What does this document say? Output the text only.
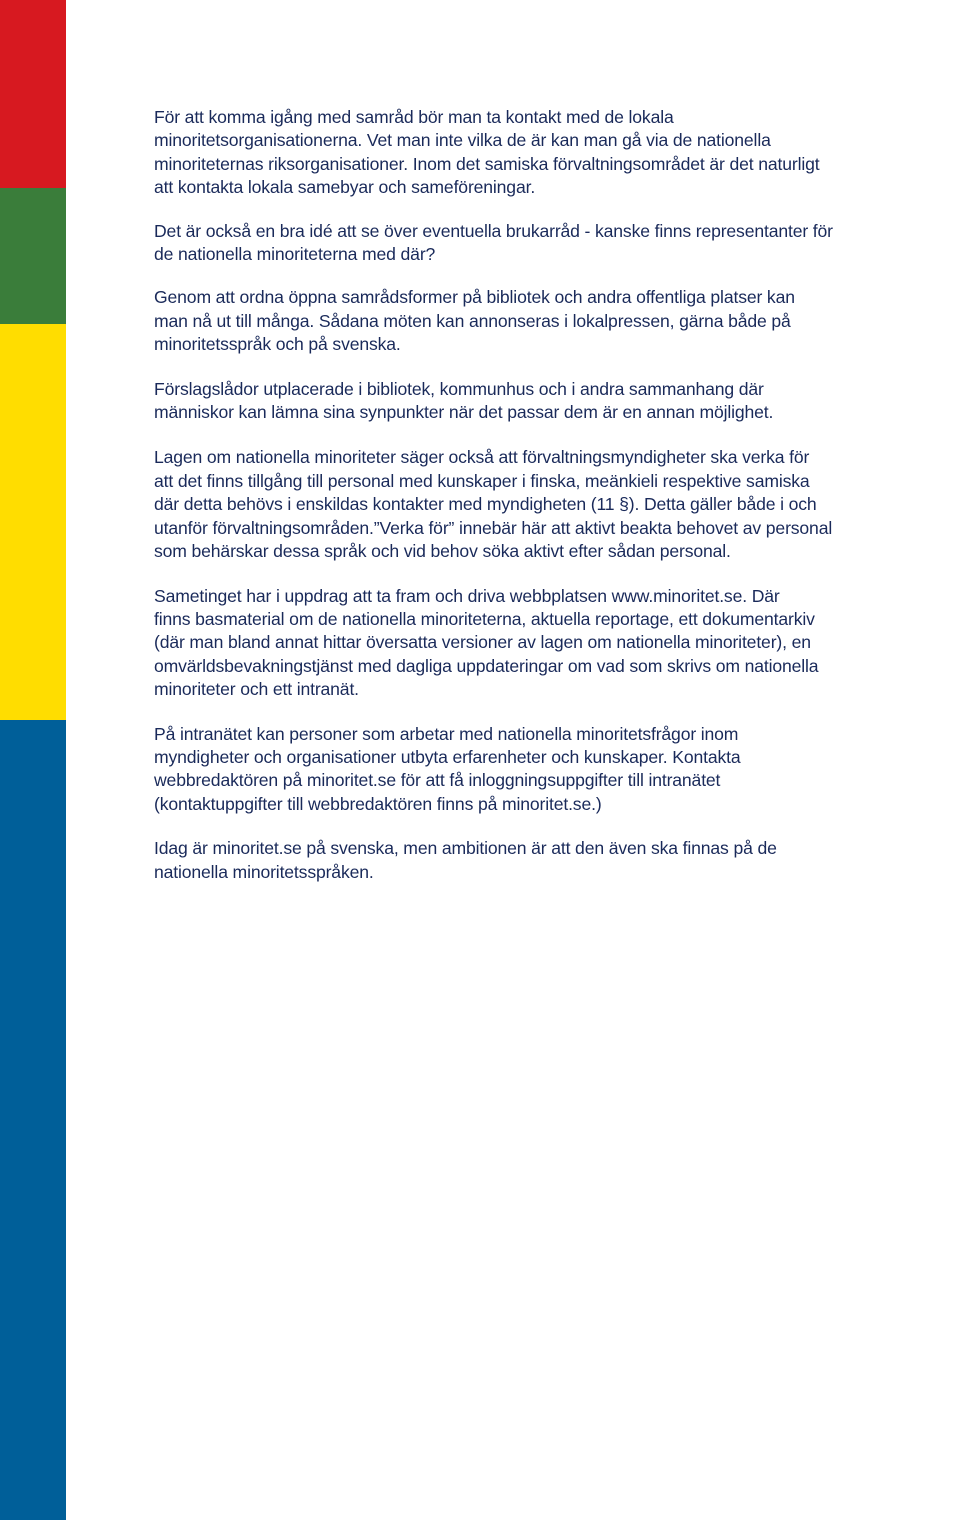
För att komma igång med samråd bör man ta kontakt med de lokala
minoritetsorganisationerna. Vet man inte vilka de är kan man gå via de nationella
minoriteternas riksorganisationer. Inom det samiska förvaltningsområdet är det naturligt
att kontakta lokala samebyar och sameföreningar.

Det är också en bra idé att se över eventuella brukarråd - kanske finns representanter för
de nationella minoriteterna med där?

Genom att ordna öppna samrådsformer på bibliotek och andra offentliga platser kan
man nå ut till många. Sådana möten kan annonseras i lokalpressen, gärna både på
minoritetsspråk och på svenska.

Förslagslådor utplacerade i bibliotek, kommunhus och i andra sammanhang där
människor kan lämna sina synpunkter när det passar dem är en annan möjlighet.

Lagen om nationella minoriteter säger också att förvaltningsmyndigheter ska verka för
att det finns tillgång till personal med kunskaper i finska, meänkieli respektive samiska
där detta behövs i enskildas kontakter med myndigheten (11 §). Detta gäller både i och
utanför förvaltningsområden.”Verka för” innebär här att aktivt beakta behovet av personal
som behärskar dessa språk och vid behov söka aktivt efter sådan personal.

Sametinget har i uppdrag att ta fram och driva webbplatsen www.minoritet.se. Där
finns basmaterial om de nationella minoriteterna, aktuella reportage, ett dokumentarkiv
(där man bland annat hittar översatta versioner av lagen om nationella minoriteter), en
omvärldsbevakningstjänst med dagliga uppdateringar om vad som skrivs om nationella
minoriteter och ett intranät.

På intranätet kan personer som arbetar med nationella minoritetsfrågor inom
myndigheter och organisationer utbyta erfarenheter och kunskaper. Kontakta
webbredaktören på minoritet.se för att få inloggningsuppgifter till intranätet
(kontaktuppgifter till webbredaktören finns på minoritet.se.)

Idag är minoritet.se på svenska, men ambitionen är att den även ska finnas på de
nationella minoritetsspråken.
